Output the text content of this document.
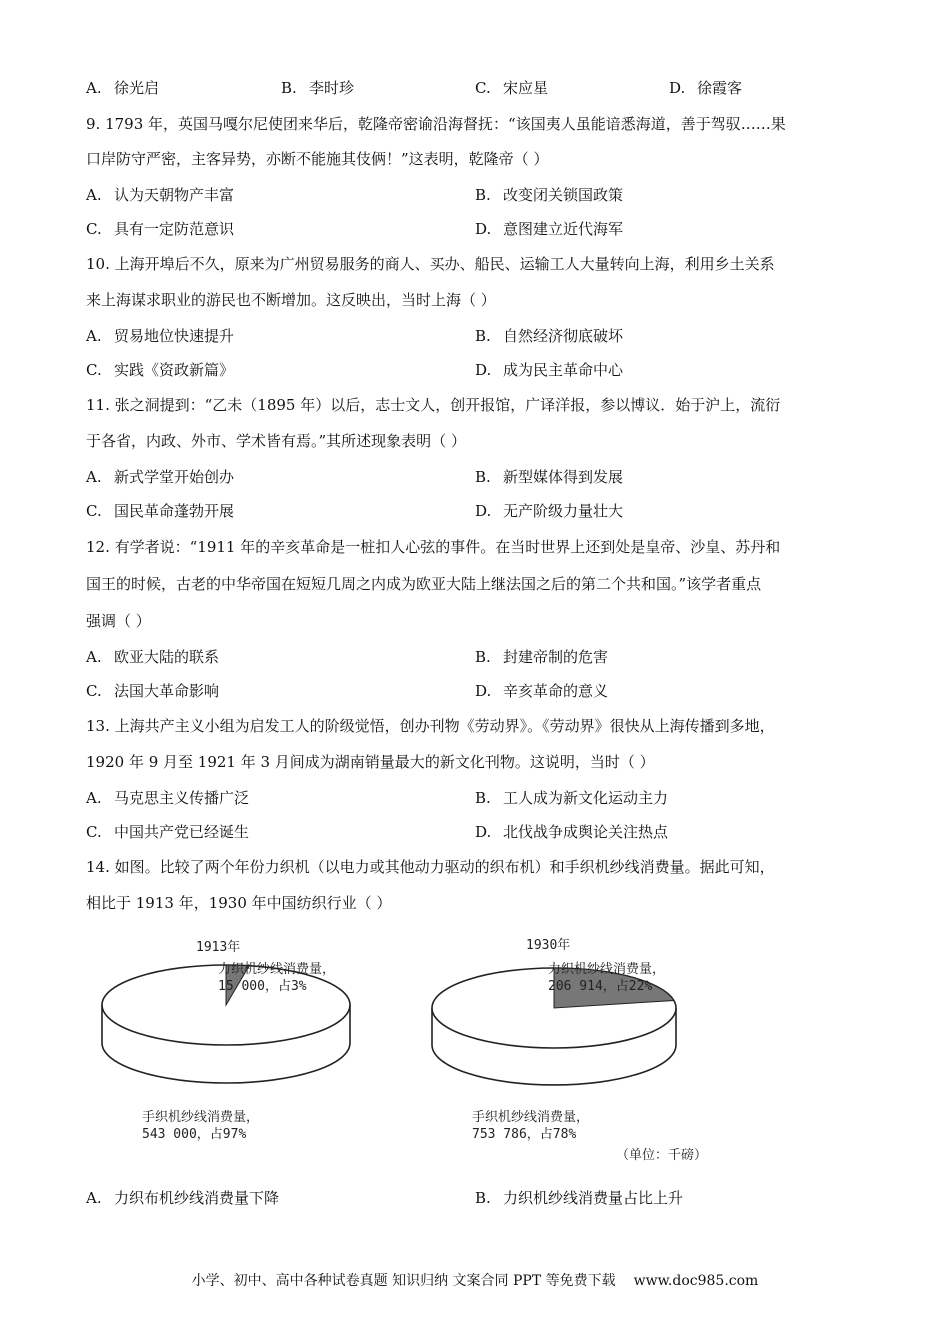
A. 徐光启	B. 李时珍	C. 宋应星	D. 徐霞客
9. 1793 年，英国马嘎尔尼使团来华后，乾隆帝密谕沿海督抚：“该国夷人虽能谙悉海道，善于驾驭……果
口岸防守严密，主客异势，亦断不能施其伎俩！”这表明，乾隆帝（ ）
A. 认为天朝物产丰富	B. 改变闭关锁国政策
C. 具有一定防范意识	D. 意图建立近代海军
10. 上海开埠后不久，原来为广州贸易服务的商人、买办、船民、运输工人大量转向上海，利用乡土关系
来上海谋求职业的游民也不断增加。这反映出，当时上海（ ）
A. 贸易地位快速提升	B. 自然经济彻底破坏
C. 实践《资政新篇》	D. 成为民主革命中心
11. 张之洞提到：“乙未（1895 年）以后，志士文人，创开报馆，广译洋报，参以博议．始于沪上，流衍
于各省，内政、外市、学术皆有焉。”其所述现象表明（ ）
A. 新式学堂开始创办	B. 新型媒体得到发展
C. 国民革命蓬勃开展	D. 无产阶级力量壮大
12. 有学者说：“1911 年的辛亥革命是一桩扣人心弦的事件。在当时世界上还到处是皇帝、沙皇、苏丹和
国王的时候，古老的中华帝国在短短几周之内成为欧亚大陆上继法国之后的第二个共和国。”该学者重点
强调（ ）
A. 欧亚大陆的联系	B. 封建帝制的危害
C. 法国大革命影响	D. 辛亥革命的意义
13. 上海共产主义小组为启发工人的阶级觉悟，创办刊物《劳动界》。《劳动界》很快从上海传播到多地，
1920 年 9 月至 1921 年 3 月间成为湖南销量最大的新文化刊物。这说明，当时（ ）
A. 马克思主义传播广泛	B. 工人成为新文化运动主力
C. 中国共产党已经诞生	D. 北伐战争成舆论关注热点
14. 如图。比较了两个年份力织机（以电力或其他动力驱动的织布机）和手织机纱线消费量。据此可知，
相比于 1913 年，1930 年中国纺织行业（ ）
1913年
力织机纱线消费量，
15 000，占3%
手织机纱线消费量，
543 000，占97%
1930年
力织机纱线消费量，
206 914，占22%
手织机纱线消费量，
753 786，占78%
（单位：千磅）
A. 力织布机纱线消费量下降	B. 力织机纱线消费量占比上升
小学、初中、高中各种试卷真题 知识归纳 文案合同 PPT 等免费下载 www.doc985.com
